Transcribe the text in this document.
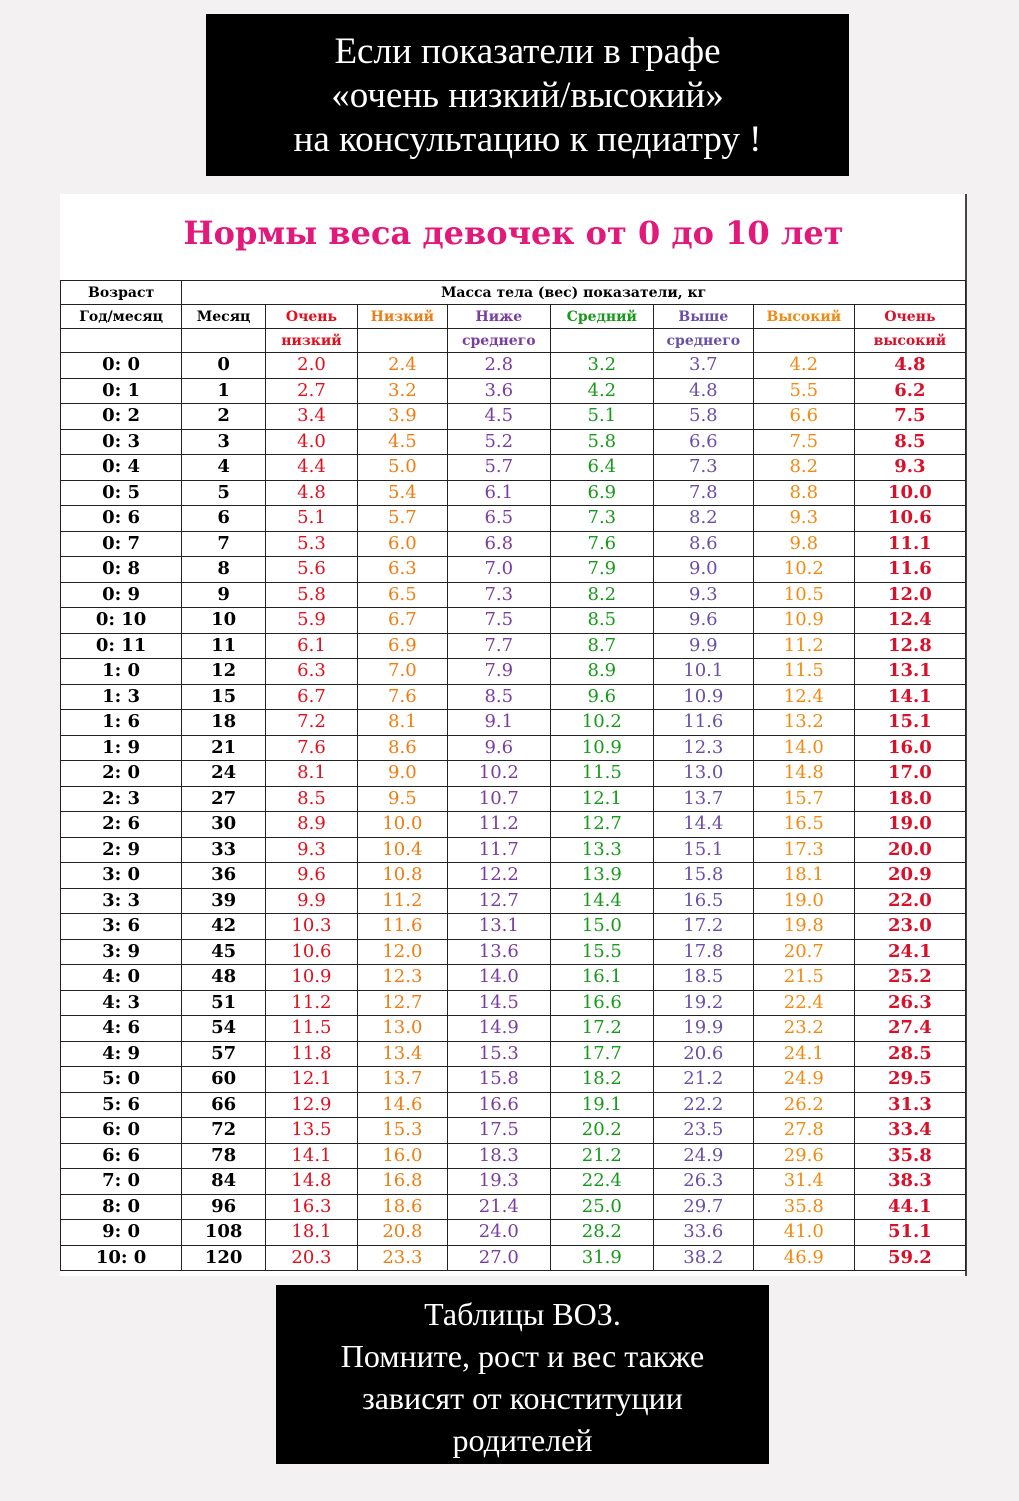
Если показатели в графе
«очень низкий/высокий»
на консультацию к педиатру !
Нормы веса девочек от 0 до 10 лет
Возраст	Масса тела (вес) показатели, кг							
Год/месяц	Месяц	Очень	Низкий	Ниже	Средний	Выше	Высокий	Очень
		низкий		среднего		среднего		высокий
0: 0	0	2.0	2.4	2.8	3.2	3.7	4.2	4.8
0: 1	1	2.7	3.2	3.6	4.2	4.8	5.5	6.2
0: 2	2	3.4	3.9	4.5	5.1	5.8	6.6	7.5
0: 3	3	4.0	4.5	5.2	5.8	6.6	7.5	8.5
0: 4	4	4.4	5.0	5.7	6.4	7.3	8.2	9.3
0: 5	5	4.8	5.4	6.1	6.9	7.8	8.8	10.0
0: 6	6	5.1	5.7	6.5	7.3	8.2	9.3	10.6
0: 7	7	5.3	6.0	6.8	7.6	8.6	9.8	11.1
0: 8	8	5.6	6.3	7.0	7.9	9.0	10.2	11.6
0: 9	9	5.8	6.5	7.3	8.2	9.3	10.5	12.0
0: 10	10	5.9	6.7	7.5	8.5	9.6	10.9	12.4
0: 11	11	6.1	6.9	7.7	8.7	9.9	11.2	12.8
1: 0	12	6.3	7.0	7.9	8.9	10.1	11.5	13.1
1: 3	15	6.7	7.6	8.5	9.6	10.9	12.4	14.1
1: 6	18	7.2	8.1	9.1	10.2	11.6	13.2	15.1
1: 9	21	7.6	8.6	9.6	10.9	12.3	14.0	16.0
2: 0	24	8.1	9.0	10.2	11.5	13.0	14.8	17.0
2: 3	27	8.5	9.5	10.7	12.1	13.7	15.7	18.0
2: 6	30	8.9	10.0	11.2	12.7	14.4	16.5	19.0
2: 9	33	9.3	10.4	11.7	13.3	15.1	17.3	20.0
3: 0	36	9.6	10.8	12.2	13.9	15.8	18.1	20.9
3: 3	39	9.9	11.2	12.7	14.4	16.5	19.0	22.0
3: 6	42	10.3	11.6	13.1	15.0	17.2	19.8	23.0
3: 9	45	10.6	12.0	13.6	15.5	17.8	20.7	24.1
4: 0	48	10.9	12.3	14.0	16.1	18.5	21.5	25.2
4: 3	51	11.2	12.7	14.5	16.6	19.2	22.4	26.3
4: 6	54	11.5	13.0	14.9	17.2	19.9	23.2	27.4
4: 9	57	11.8	13.4	15.3	17.7	20.6	24.1	28.5
5: 0	60	12.1	13.7	15.8	18.2	21.2	24.9	29.5
5: 6	66	12.9	14.6	16.6	19.1	22.2	26.2	31.3
6: 0	72	13.5	15.3	17.5	20.2	23.5	27.8	33.4
6: 6	78	14.1	16.0	18.3	21.2	24.9	29.6	35.8
7: 0	84	14.8	16.8	19.3	22.4	26.3	31.4	38.3
8: 0	96	16.3	18.6	21.4	25.0	29.7	35.8	44.1
9: 0	108	18.1	20.8	24.0	28.2	33.6	41.0	51.1
10: 0	120	20.3	23.3	27.0	31.9	38.2	46.9	59.2
Таблицы ВОЗ.
Помните, рост и вес также
зависят от конституции
родителей
